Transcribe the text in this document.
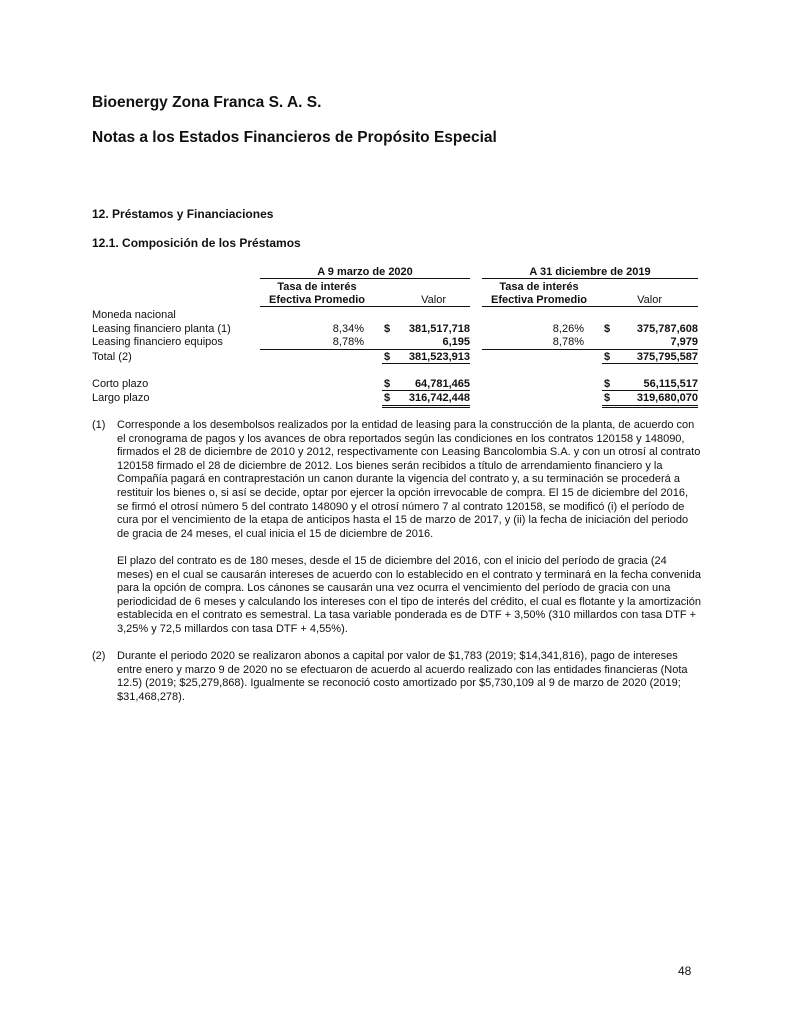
Bioenergy Zona Franca S. A. S.
Notas a los Estados Financieros de Propósito Especial
12. Préstamos y Financiaciones
12.1. Composición de los Préstamos
A 9 marzo de 2020	A 31 diciembre de 2019
Tasa de interés	Tasa de interés
Efectiva Promedio	Valor	Efectiva Promedio	Valor
Moneda nacional
Leasing financiero planta (1)	8,34% $	381,517,718	8,26% $	375,787,608
Leasing financiero equipos	8,78%	6,195	8,78%	7,979
Total (2)	$	381,523,913	$	375,795,587
Corto plazo	$	64,781,465	$	56,115,517
Largo plazo	$	316,742,448	$	319,680,070
(1) Corresponde a los desembolsos realizados por la entidad de leasing para la construcción de la planta, de acuerdo con el cronograma de pagos y los avances de obra reportados según las condiciones en los contratos 120158 y 148090, firmados el 28 de diciembre de 2010 y 2012, respectivamente con Leasing Bancolombia S.A. y con un otrosí al contrato 120158 firmado el 28 de diciembre de 2012. Los bienes serán recibidos a título de arrendamiento financiero y la Compañía pagará en contraprestación un canon durante la vigencia del contrato y, a su terminación se procederá a restituir los bienes o, si así se decide, optar por ejercer la opción irrevocable de compra. El 15 de diciembre del 2016, se firmó el otrosí número 5 del contrato 148090 y el otrosí número 7 al contrato 120158, se modificó (i) el período de cura por el vencimiento de la etapa de anticipos hasta el 15 de marzo de 2017, y (ii) la fecha de iniciación del periodo de gracia de 24 meses, el cual inicia el 15 de diciembre de 2016.

El plazo del contrato es de 180 meses, desde el 15 de diciembre del 2016, con el inicio del período de gracia (24 meses) en el cual se causarán intereses de acuerdo con lo establecido en el contrato y terminará en la fecha convenida para la opción de compra. Los cánones se causarán una vez ocurra el vencimiento del período de gracia con una periodicidad de 6 meses y calculando los intereses con el tipo de interés del crédito, el cual es flotante y la amortización establecida en el contrato es semestral. La tasa variable ponderada es de DTF + 3,50% (310 millardos con tasa DTF + 3,25% y 72,5 millardos con tasa DTF + 4,55%).

(2) Durante el periodo 2020 se realizaron abonos a capital por valor de $1,783 (2019; $14,341,816), pago de intereses entre enero y marzo 9 de 2020 no se efectuaron de acuerdo al acuerdo realizado con las entidades financieras (Nota 12.5) (2019; $25,279,868). Igualmente se reconoció costo amortizado por $5,730,109 al 9 de marzo de 2020 (2019; $31,468,278).

48
